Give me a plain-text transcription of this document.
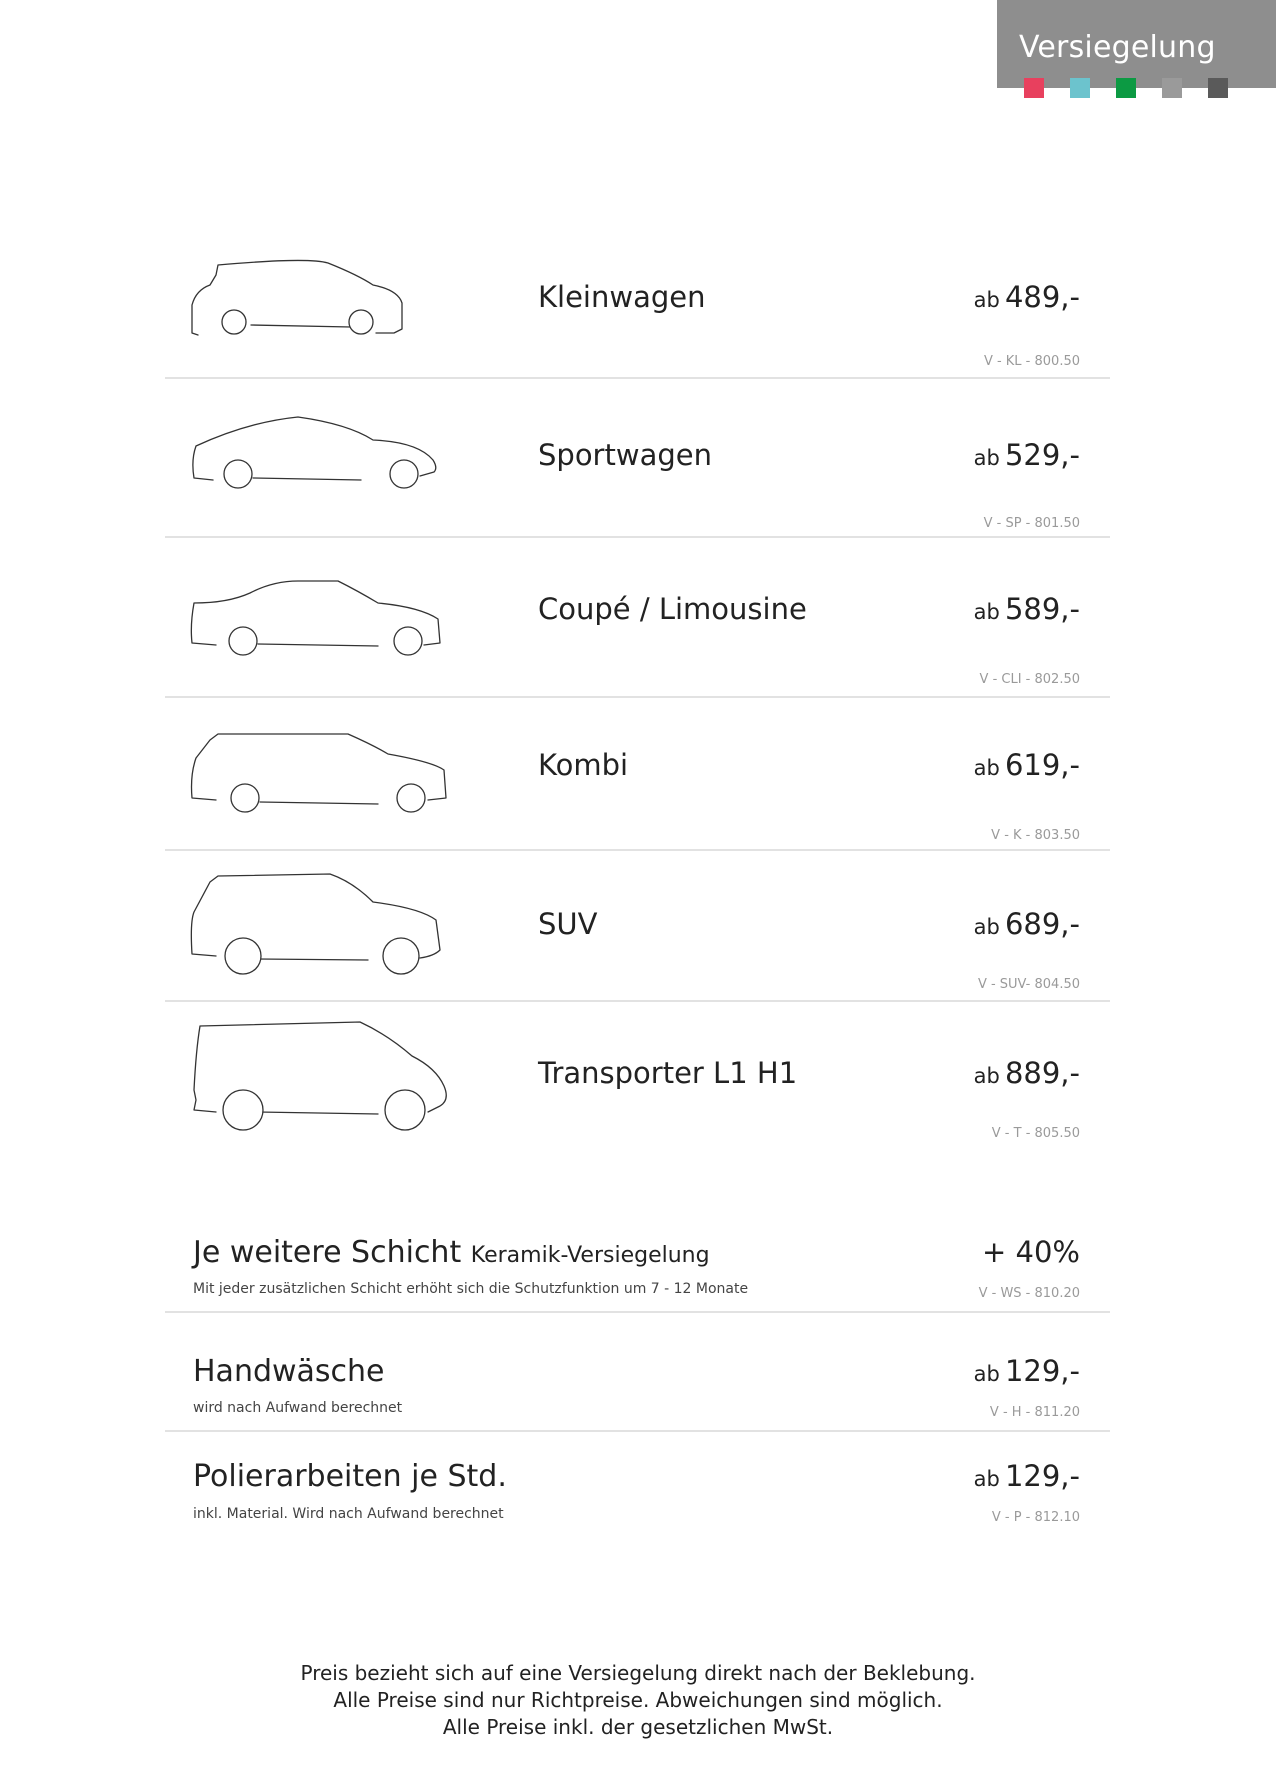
Versiegelung
Kleinwagen	ab 489,-
V - KL - 800.50
Sportwagen	ab 529,-
V - SP - 801.50
Coupé / Limousine	ab 589,-
V - CLI - 802.50
Kombi	ab 619,-
V - K - 803.50
SUV	ab 689,-
V - SUV- 804.50
Transporter L1 H1	ab 889,-
V - T - 805.50
Je weitere Schicht Keramik-Versiegelung
Mit jeder zusätzlichen Schicht erhöht sich die Schutzfunktion um 7 - 12 Monate
+ 40%
V - WS - 810.20
Handwäsche
wird nach Aufwand berechnet
ab 129,-
V - H - 811.20
Polierarbeiten je Std.
inkl. Material. Wird nach Aufwand berechnet
ab 129,-
V - P - 812.10
Preis bezieht sich auf eine Versiegelung direkt nach der Beklebung.
Alle Preise sind nur Richtpreise. Abweichungen sind möglich.
Alle Preise inkl. der gesetzlichen MwSt.
